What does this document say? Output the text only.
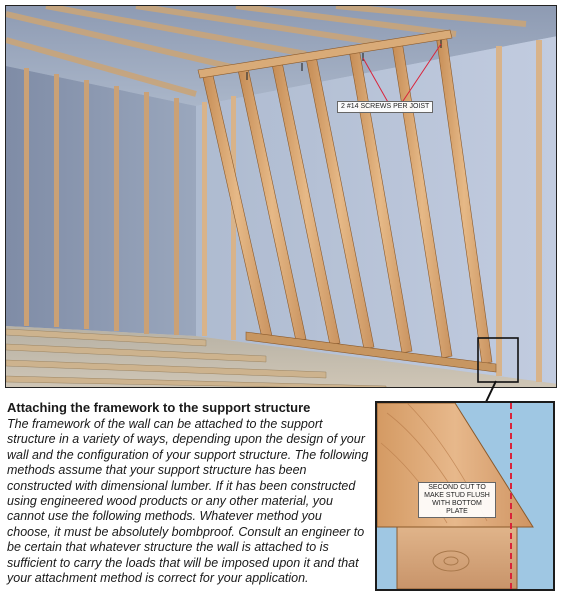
2 #14 SCREWS PER JOIST

Attaching the framework to the support structure

The framework of the wall can be attached to the support structure in a variety of ways, depending upon the design of your wall and the configuration of your support structure. The following methods assume that your support structure has been constructed with dimensional lumber. If it has been constructed using engineered wood products or any other material, you cannot use the following methods. Whatever method you choose, it must be absolutely bombproof. Consult an engineer to be certain that whatever structure the wall is attached to is sufficient to carry the loads that will be imposed upon it and that your attachment method is correct for your application.

SECOND CUT TO MAKE STUD FLUSH WITH BOTTOM PLATE
